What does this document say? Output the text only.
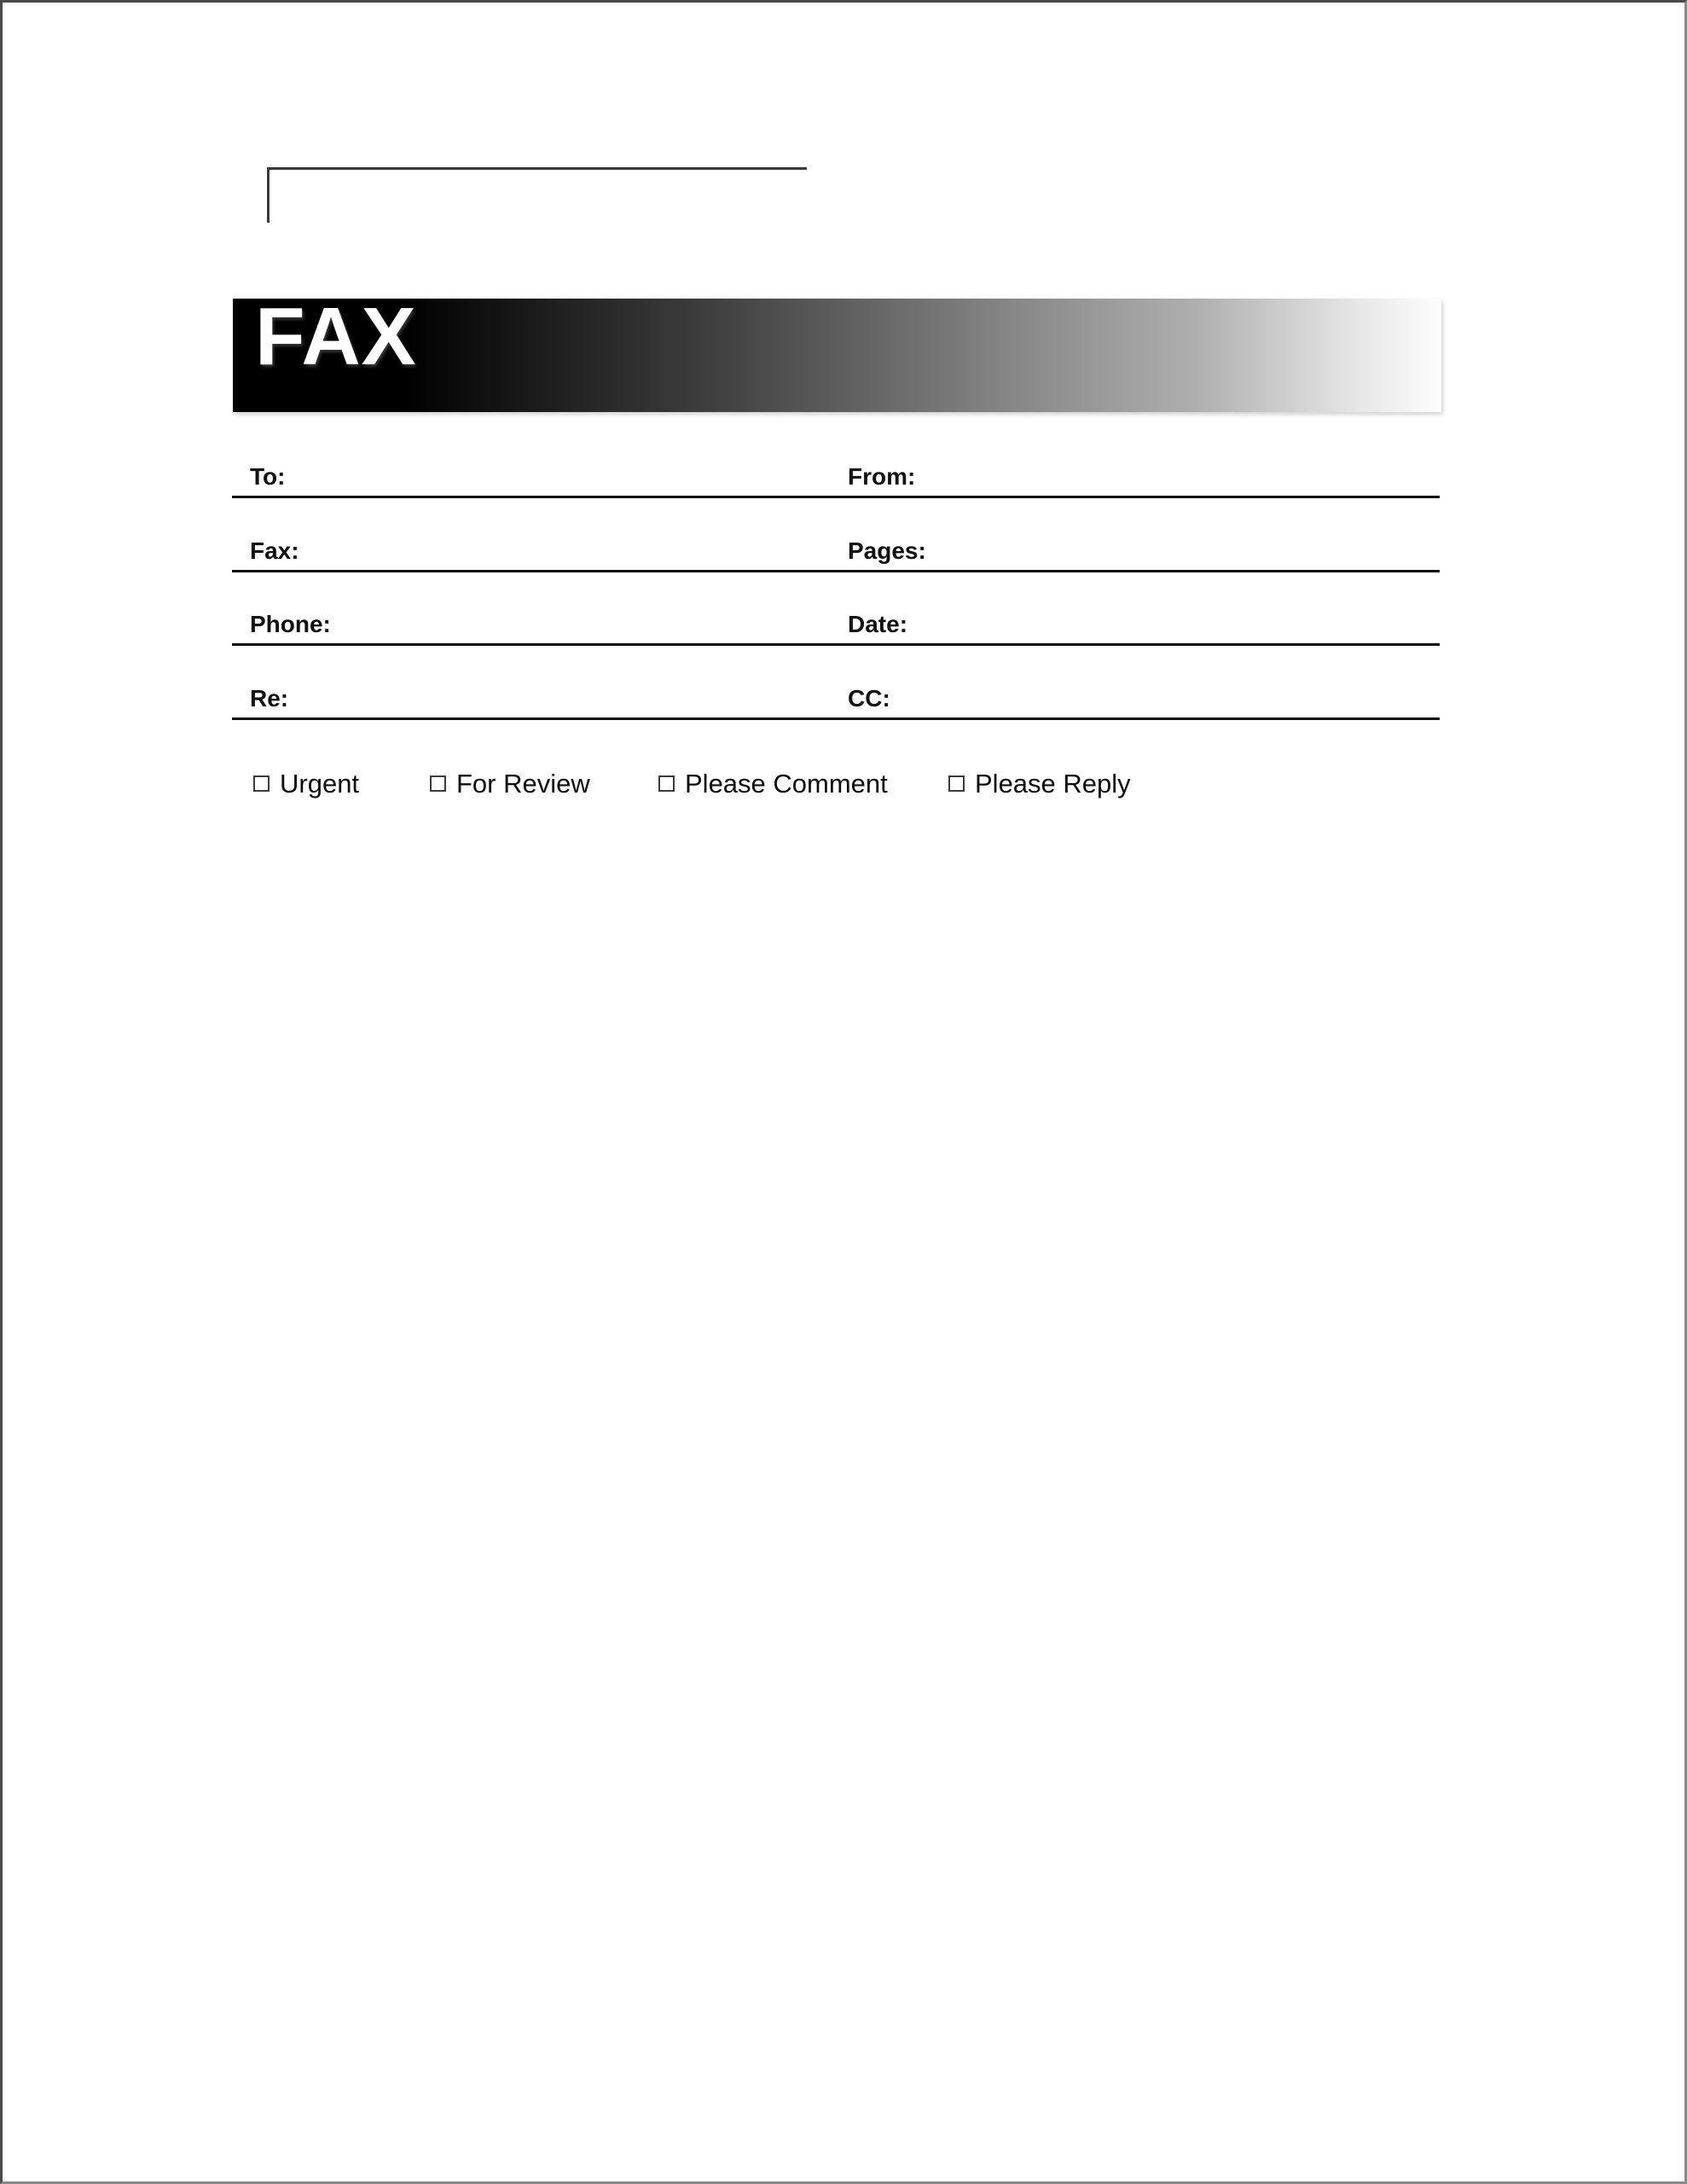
FAX
To:	From:
Fax:	Pages:
Phone:	Date:
Re:	CC:
Urgent	For Review	Please Comment	Please Reply
